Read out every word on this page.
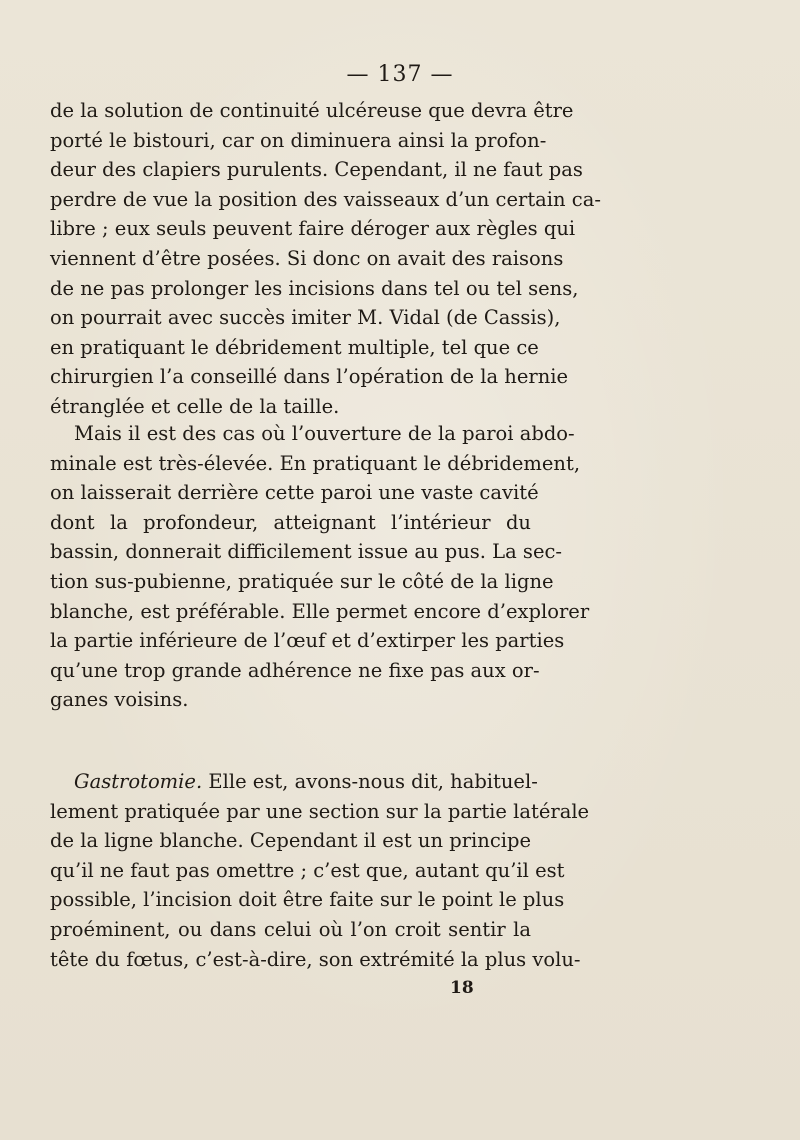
— 137 —
de la solution de continuité ulcéreuse que devra être
porté le bistouri, car on diminuera ainsi la profon-
deur des clapiers purulents. Cependant, il ne faut pas
perdre de vue la position des vaisseaux d’un certain ca-
libre ; eux seuls peuvent faire déroger aux règles qui
viennent d’être posées. Si donc on avait des raisons
de ne pas prolonger les incisions dans tel ou tel sens,
on pourrait avec succès imiter M. Vidal (de Cassis),
en pratiquant le débridement multiple, tel que ce
chirurgien l’a conseillé dans l’opération de la hernie
étranglée et celle de la taille.
Mais il est des cas où l’ouverture de la paroi abdo-
minale est très-élevée. En pratiquant le débridement,
on laisserait derrière cette paroi une vaste cavité
dont la profondeur, atteignant l’intérieur du
bassin, donnerait difficilement issue au pus. La sec-
tion sus-pubienne, pratiquée sur le côté de la ligne
blanche, est préférable. Elle permet encore d’explorer
la partie inférieure de l’œuf et d’extirper les parties
qu’une trop grande adhérence ne fixe pas aux or-
ganes voisins.
Gastrotomie. Elle est, avons-nous dit, habituel-
lement pratiquée par une section sur la partie latérale
de la ligne blanche. Cependant il est un principe
qu’il ne faut pas omettre ; c’est que, autant qu’il est
possible, l’incision doit être faite sur le point le plus
proéminent, ou dans celui où l’on croit sentir la
tête du fœtus, c’est-à-dire, son extrémité la plus volu-
18
